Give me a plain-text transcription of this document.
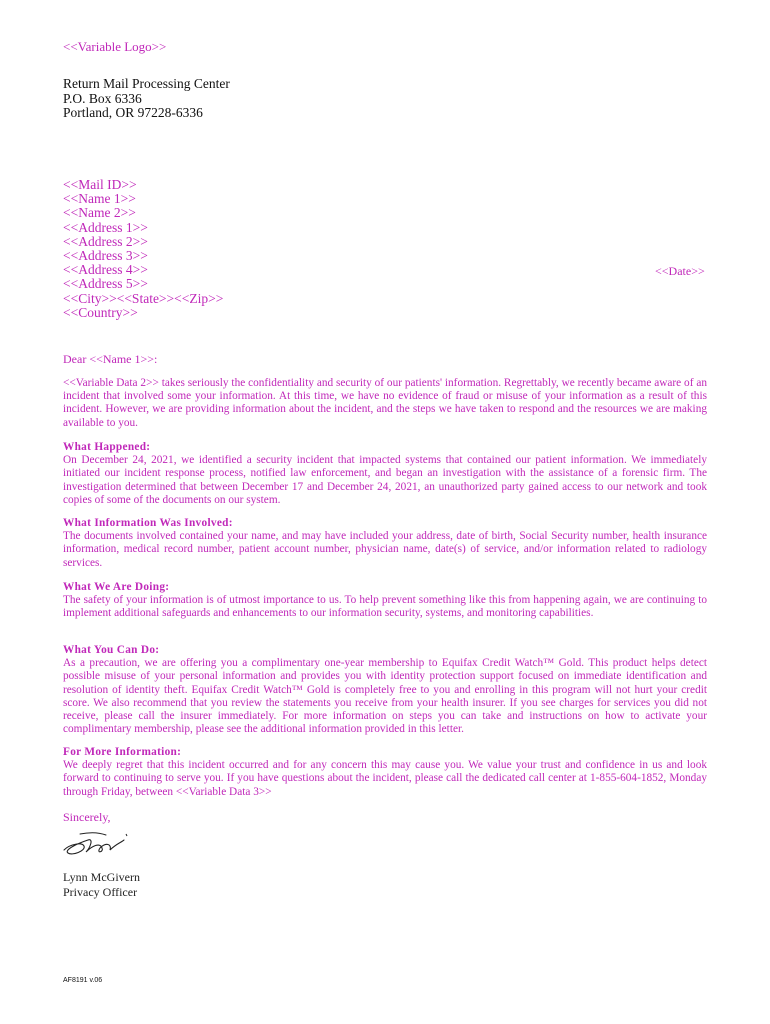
<<Variable Logo>>
Return Mail Processing Center
P.O. Box 6336
Portland, OR 97228-6336
<<Mail ID>>
<<Name 1>>
<<Name 2>>
<<Address 1>>
<<Address 2>>
<<Address 3>>
<<Address 4>>
<<Address 5>>
<<City>><<State>><<Zip>>
<<Country>>
<<Date>>
Dear <<Name 1>>:
<<Variable Data 2>> takes seriously the confidentiality and security of our patients' information. Regrettably, we recently became aware of an incident that involved some your information. At this time, we have no evidence of fraud or misuse of your information as a result of this incident. However, we are providing information about the incident, and the steps we have taken to respond and the resources we are making available to you.
What Happened:
On December 24, 2021, we identified a security incident that impacted systems that contained our patient information. We immediately initiated our incident response process, notified law enforcement, and began an investigation with the assistance of a forensic firm. The investigation determined that between December 17 and December 24, 2021, an unauthorized party gained access to our network and took copies of some of the documents on our system.
What Information Was Involved:
The documents involved contained your name, and may have included your address, date of birth, Social Security number, health insurance information, medical record number, patient account number, physician name, date(s) of service, and/or information related to radiology services.
What We Are Doing:
The safety of your information is of utmost importance to us. To help prevent something like this from happening again, we are continuing to implement additional safeguards and enhancements to our information security, systems, and monitoring capabilities.
What You Can Do:
As a precaution, we are offering you a complimentary one-year membership to Equifax Credit Watch™ Gold. This product helps detect possible misuse of your personal information and provides you with identity protection support focused on immediate identification and resolution of identity theft. Equifax Credit Watch™ Gold is completely free to you and enrolling in this program will not hurt your credit score. We also recommend that you review the statements you receive from your health insurer. If you see charges for services you did not receive, please call the insurer immediately. For more information on steps you can take and instructions on how to activate your complimentary membership, please see the additional information provided in this letter.
For More Information:
We deeply regret that this incident occurred and for any concern this may cause you. We value your trust and confidence in us and look forward to continuing to serve you. If you have questions about the incident, please call the dedicated call center at 1-855-604-1852, Monday through Friday, between <<Variable Data 3>>
Sincerely,
Lynn McGivern
Privacy Officer
AF8191 v.06
